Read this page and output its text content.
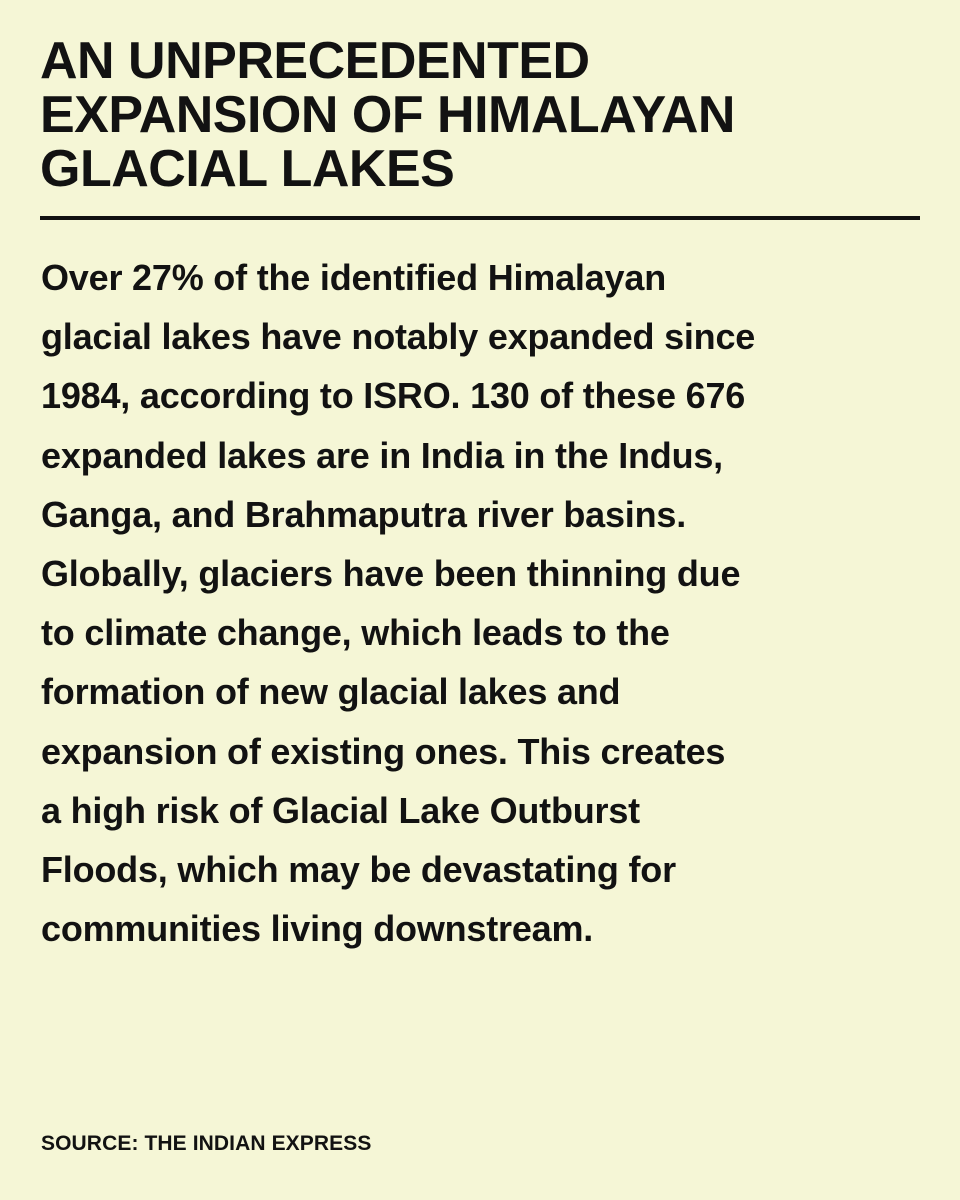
AN UNPRECEDENTED
EXPANSION OF HIMALAYAN
GLACIAL LAKES
Over 27% of the identified Himalayan
glacial lakes have notably expanded since
1984, according to ISRO. 130 of these 676
expanded lakes are in India in the Indus,
Ganga, and Brahmaputra river basins.
Globally, glaciers have been thinning due
to climate change, which leads to the
formation of new glacial lakes and
expansion of existing ones. This creates
a high risk of Glacial Lake Outburst
Floods, which may be devastating for
communities living downstream.
SOURCE: THE INDIAN EXPRESS
